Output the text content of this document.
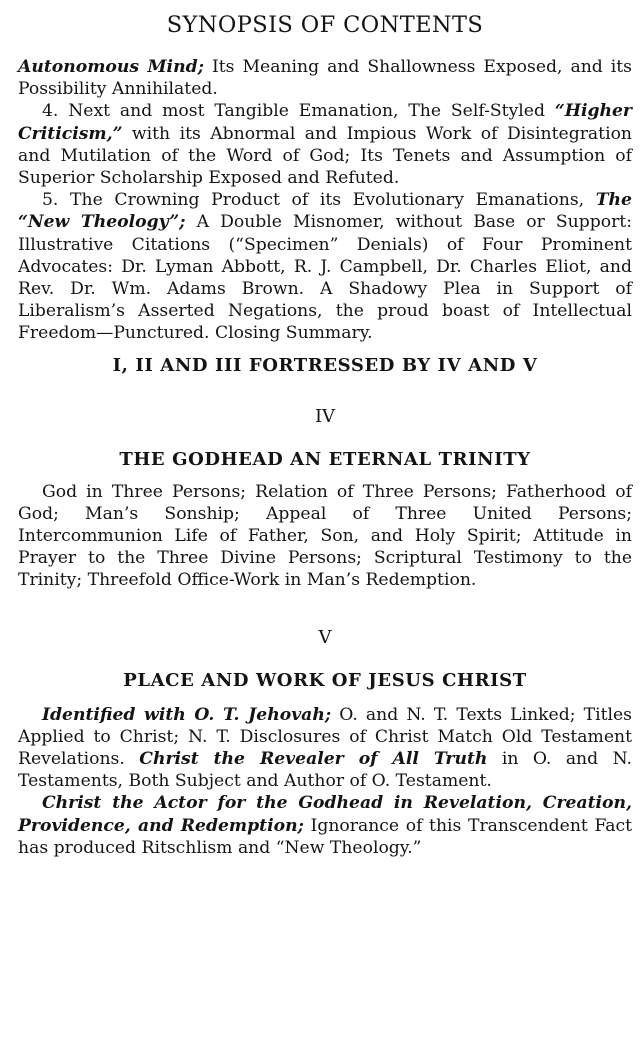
SYNOPSIS OF CONTENTS

Autonomous Mind; Its Meaning and Shallowness Exposed, and its Possibility Annihilated.

4. Next and most Tangible Emanation, The Self-Styled “Higher Criticism,” with its Abnormal and Impious Work of Disintegration and Mutilation of the Word of God; Its Tenets and Assumption of Superior Scholarship Exposed and Refuted.

5. The Crowning Product of its Evolutionary Emanations, The “New Theology”; A Double Misnomer, without Base or Support: Illustrative Citations (“Specimen” Denials) of Four Prominent Advocates: Dr. Lyman Abbott, R. J. Campbell, Dr. Charles Eliot, and Rev. Dr. Wm. Adams Brown. A Shadowy Plea in Support of Liberalism’s Asserted Negations, the proud boast of Intellectual Freedom—Punctured. Closing Summary.

I, II AND III FORTRESSED BY IV AND V
IV
THE GODHEAD AN ETERNAL TRINITY

God in Three Persons; Relation of Three Persons; Fatherhood of God; Man’s Sonship; Appeal of Three United Persons; Intercommunion Life of Father, Son, and Holy Spirit; Attitude in Prayer to the Three Divine Persons; Scriptural Testimony to the Trinity; Threefold Office-Work in Man’s Redemption.

V
PLACE AND WORK OF JESUS CHRIST

Identified with O. T. Jehovah; O. and N. T. Texts Linked; Titles Applied to Christ; N. T. Disclosures of Christ Match Old Testament Revelations. Christ the Revealer of All Truth in O. and N. Testaments, Both Subject and Author of O. Testament.

Christ the Actor for the Godhead in Revelation, Creation, Providence, and Redemption; Ignorance of this Transcendent Fact has produced Ritschlism and “New Theology.”
